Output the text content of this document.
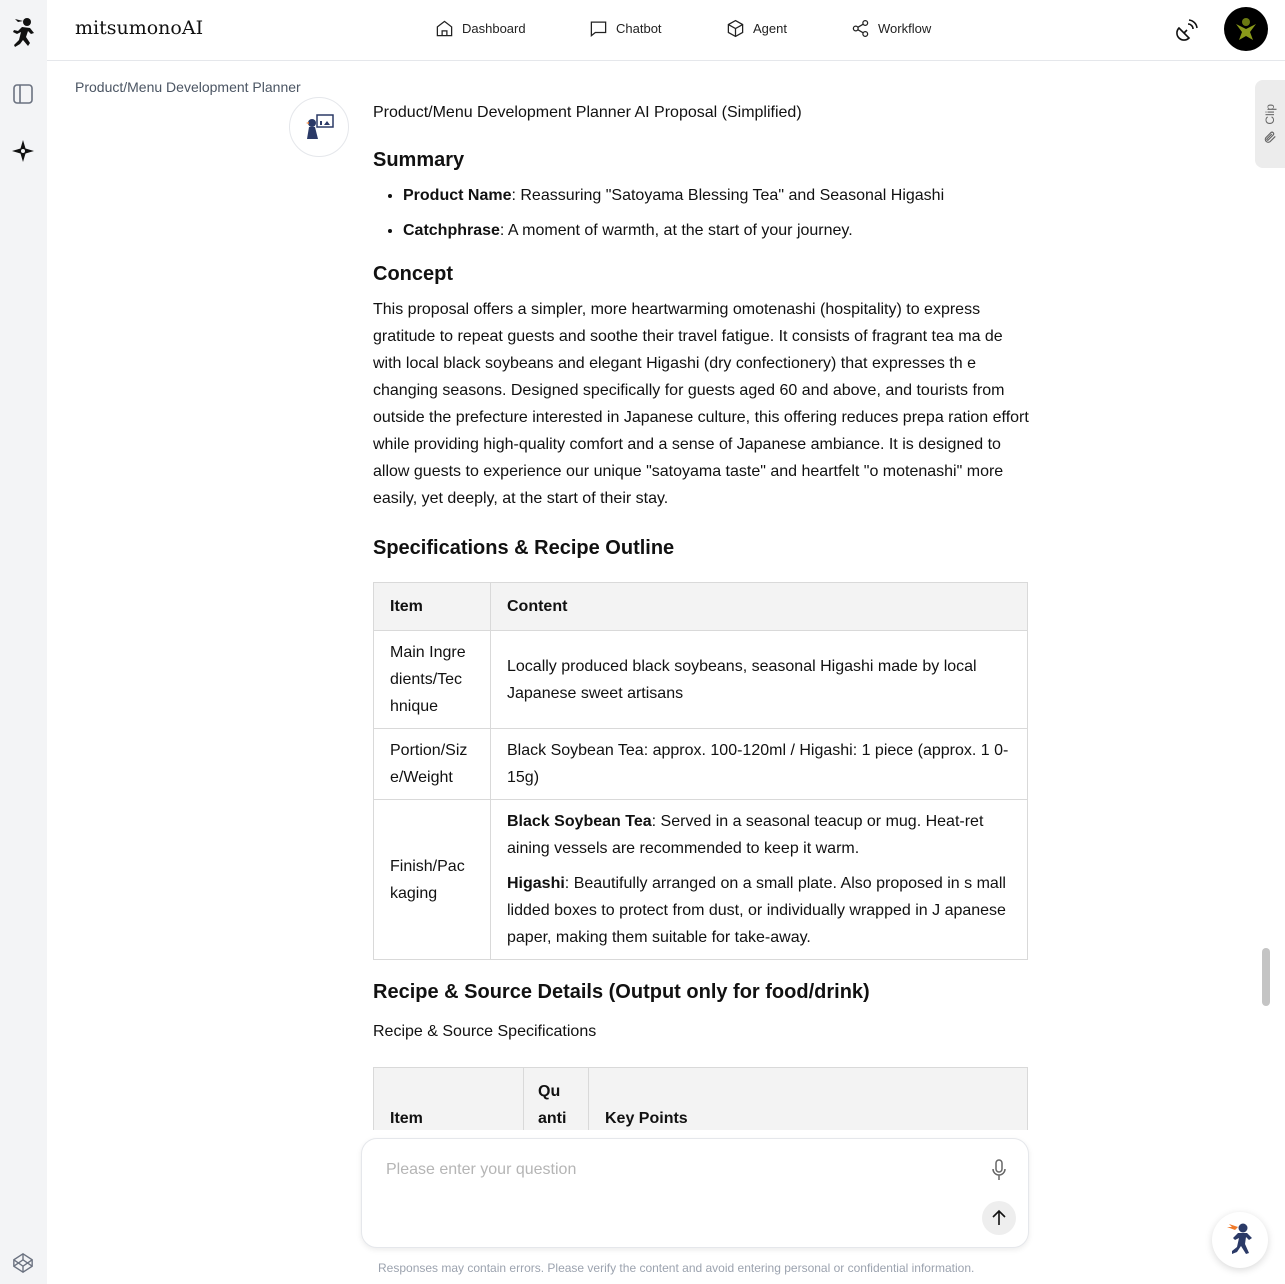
mitsumonoAI	Dashboard	Chatbot	Agent	Workflow
Product/Menu Development Planner

Product/Menu Development Planner AI Proposal (Simplified)

Summary
• Product Name: Reassuring "Satoyama Blessing Tea" and Seasonal Higashi
• Catchphrase: A moment of warmth, at the start of your journey.
Concept

This proposal offers a simpler, more heartwarming omotenashi (hospitality) to express gratitude to repeat guests and soothe their travel fatigue. It consists of fragrant tea ma de with local black soybeans and elegant Higashi (dry confectionery) that expresses th e changing seasons. Designed specifically for guests aged 60 and above, and tourists from outside the prefecture interested in Japanese culture, this offering reduces prepa ration effort while providing high-quality comfort and a sense of Japanese ambiance. It is designed to allow guests to experience our unique "satoyama taste" and heartfelt "o motenashi" more easily, yet deeply, at the start of their stay.

Specifications & Recipe Outline
Item	Content
Main Ingre dients/Tec hnique	Locally produced black soybeans, seasonal Higashi made by local Japanese sweet artisans
Portion/Siz e/Weight	Black Soybean Tea: approx. 100-120ml / Higashi: 1 piece (approx. 1 0-15g)
Finish/Pac kaging	Black Soybean Tea: Served in a seasonal teacup or mug. Heat-ret aining vessels are recommended to keep it warm.

Higashi: Beautifully arranged on a small plate. Also proposed in s mall lidded boxes to protect from dust, or individually wrapped in J apanese paper, making them suitable for take-away.

Recipe & Source Details (Output only for food/drink)

Recipe & Source Specifications

Item	Qu anti	Key Points
Clip
Please enter your question
Responses may contain errors. Please verify the content and avoid entering personal or confidential information.
